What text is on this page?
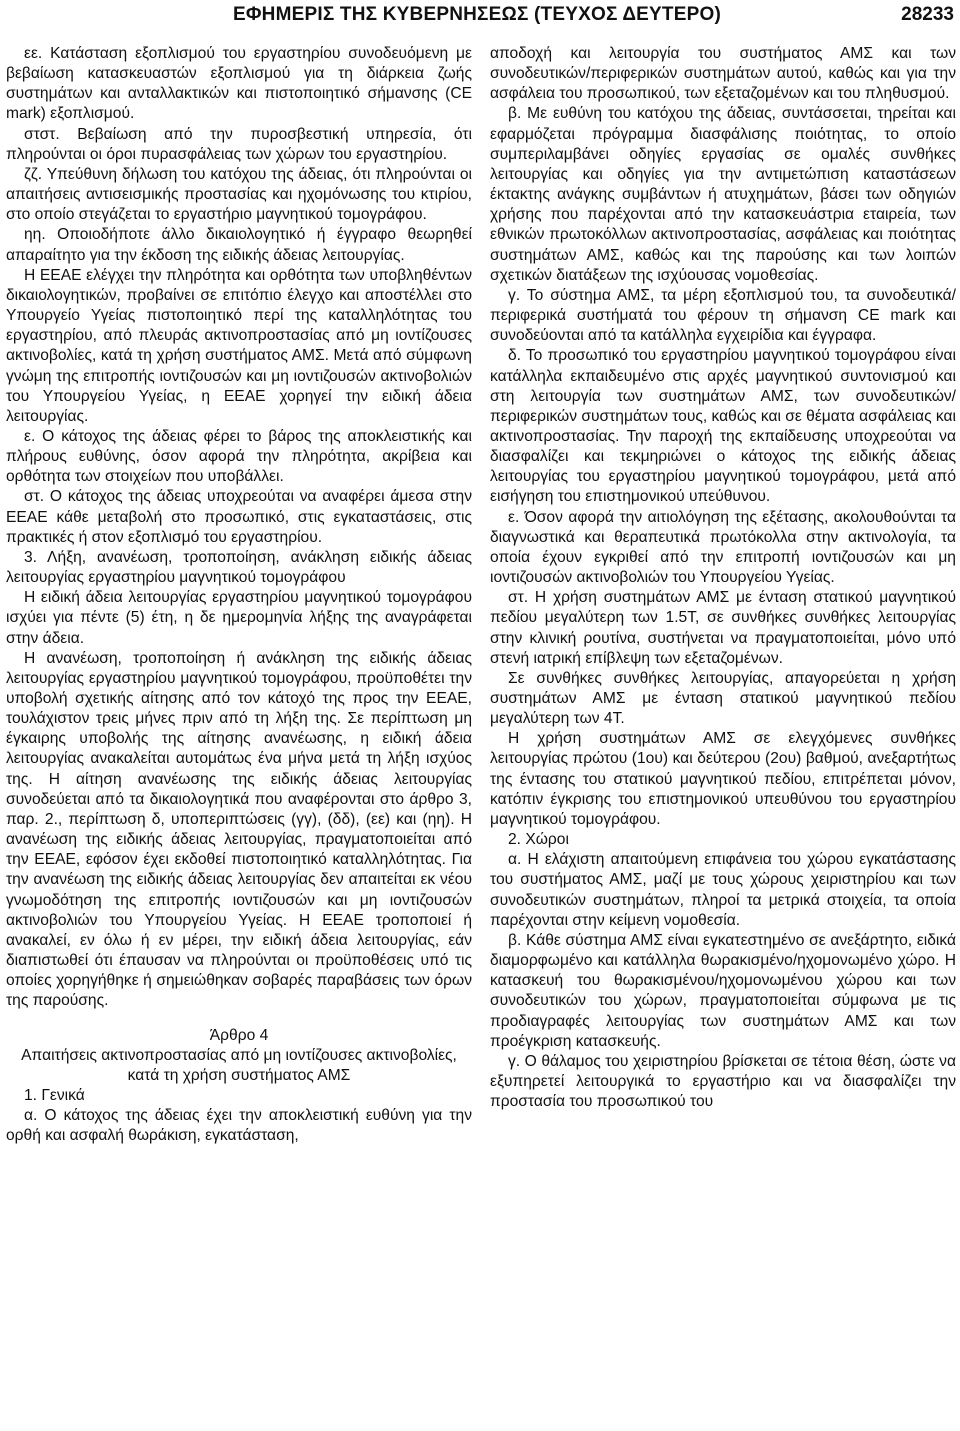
ΕΦΗΜΕΡΙΣ ΤΗΣ ΚΥΒΕΡΝΗΣΕΩΣ (ΤΕΥΧΟΣ ΔΕΥΤΕΡΟ)	28233

εε. Κατάσταση εξοπλισμού του εργαστηρίου συνοδευόμενη με βεβαίωση κατασκευαστών εξοπλισμού για τη διάρκεια ζωής συστημάτων και ανταλλακτικών και πιστοποιητικό σήμανσης (CE mark) εξοπλισμού.

στστ. Βεβαίωση από την πυροσβεστική υπηρεσία, ότι πληρούνται οι όροι πυρασφάλειας των χώρων του εργαστηρίου.

ζζ. Υπεύθυνη δήλωση του κατόχου της άδειας, ότι πληρούνται οι απαιτήσεις αντισεισμικής προστασίας και ηχομόνωσης του κτιρίου, στο οποίο στεγάζεται το εργαστήριο μαγνητικού τομογράφου.

ηη. Οποιοδήποτε άλλο δικαιολογητικό ή έγγραφο θεωρηθεί απαραίτητο για την έκδοση της ειδικής άδειας λειτουργίας.

Η ΕΕΑΕ ελέγχει την πληρότητα και ορθότητα των υποβληθέντων δικαιολογητικών, προβαίνει σε επιτόπιο έλεγχο και αποστέλλει στο Υπουργείο Υγείας πιστοποιητικό περί της καταλληλότητας του εργαστηρίου, από πλευράς ακτινοπροστασίας από μη ιοντίζουσες ακτινοβολίες, κατά τη χρήση συστήματος ΑΜΣ. Μετά από σύμφωνη γνώμη της επιτροπής ιοντιζουσών και μη ιοντιζουσών ακτινοβολιών του Υπουργείου Υγείας, η ΕΕΑΕ χορηγεί την ειδική άδεια λειτουργίας.

ε. Ο κάτοχος της άδειας φέρει το βάρος της αποκλειστικής και πλήρους ευθύνης, όσον αφορά την πληρότητα, ακρίβεια και ορθότητα των στοιχείων που υποβάλλει.

στ. Ο κάτοχος της άδειας υποχρεούται να αναφέρει άμεσα στην ΕΕΑΕ κάθε μεταβολή στο προσωπικό, στις εγκαταστάσεις, στις πρακτικές ή στον εξοπλισμό του εργαστηρίου.

3. Λήξη, ανανέωση, τροποποίηση, ανάκληση ειδικής άδειας λειτουργίας εργαστηρίου μαγνητικού τομογράφου

Η ειδική άδεια λειτουργίας εργαστηρίου μαγνητικού τομογράφου ισχύει για πέντε (5) έτη, η δε ημερομηνία λήξης της αναγράφεται στην άδεια.

Η ανανέωση, τροποποίηση ή ανάκληση της ειδικής άδειας λειτουργίας εργαστηρίου μαγνητικού τομογράφου, προϋποθέτει την υποβολή σχετικής αίτησης από τον κάτοχό της προς την ΕΕΑΕ, τουλάχιστον τρεις μήνες πριν από τη λήξη της. Σε περίπτωση μη έγκαιρης υποβολής της αίτησης ανανέωσης, η ειδική άδεια λειτουργίας ανακαλείται αυτομάτως ένα μήνα μετά τη λήξη ισχύος της. Η αίτηση ανανέωσης της ειδικής άδειας λειτουργίας συνοδεύεται από τα δικαιολογητικά που αναφέρονται στο άρθρο 3, παρ. 2., περίπτωση δ, υποπεριπτώσεις (γγ), (δδ), (εε) και (ηη). Η ανανέωση της ειδικής άδειας λειτουργίας, πραγματοποιείται από την ΕΕΑΕ, εφόσον έχει εκδοθεί πιστοποιητικό καταλληλότητας. Για την ανανέωση της ειδικής άδειας λειτουργίας δεν απαιτείται εκ νέου γνωμοδότηση της επιτροπής ιοντιζουσών και μη ιοντιζουσών ακτινοβολιών του Υπουργείου Υγείας. Η ΕΕΑΕ τροποποιεί ή ανακαλεί, εν όλω ή εν μέρει, την ειδική άδεια λειτουργίας, εάν διαπιστωθεί ότι έπαυσαν να πληρούνται οι προϋποθέσεις υπό τις οποίες χορηγήθηκε ή σημειώθηκαν σοβαρές παραβάσεις των όρων της παρούσης.

Άρθρο 4

Απαιτήσεις ακτινοπροστασίας από μη ιοντίζουσες ακτινοβολίες, κατά τη χρήση συστήματος ΑΜΣ

1. Γενικά

α. Ο κάτοχος της άδειας έχει την αποκλειστική ευθύνη για την ορθή και ασφαλή θωράκιση, εγκατάσταση,

αποδοχή και λειτουργία του συστήματος ΑΜΣ και των συνοδευτικών/περιφερικών συστημάτων αυτού, καθώς και για την ασφάλεια του προσωπικού, των εξεταζομένων και του πληθυσμού.

β. Με ευθύνη του κατόχου της άδειας, συντάσσεται, τηρείται και εφαρμόζεται πρόγραμμα διασφάλισης ποιότητας, το οποίο συμπεριλαμβάνει οδηγίες εργασίας σε ομαλές συνθήκες λειτουργίας και οδηγίες για την αντιμετώπιση καταστάσεων έκτακτης ανάγκης συμβάντων ή ατυχημάτων, βάσει των οδηγιών χρήσης που παρέχονται από την κατασκευάστρια εταιρεία, των εθνικών πρωτοκόλλων ακτινοπροστασίας, ασφάλειας και ποιότητας συστημάτων ΑΜΣ, καθώς και της παρούσης και των λοιπών σχετικών διατάξεων της ισχύουσας νομοθεσίας.

γ. Το σύστημα ΑΜΣ, τα μέρη εξοπλισμού του, τα συνοδευτικά/περιφερικά συστήματά του φέρουν τη σήμανση CE mark και συνοδεύονται από τα κατάλληλα εγχειρίδια και έγγραφα.

δ. Το προσωπικό του εργαστηρίου μαγνητικού τομογράφου είναι κατάλληλα εκπαιδευμένο στις αρχές μαγνητικού συντονισμού και στη λειτουργία των συστημάτων ΑΜΣ, των συνοδευτικών/περιφερικών συστημάτων τους, καθώς και σε θέματα ασφάλειας και ακτινοπροστασίας. Την παροχή της εκπαίδευσης υποχρεούται να διασφαλίζει και τεκμηριώνει ο κάτοχος της ειδικής άδειας λειτουργίας του εργαστηρίου μαγνητικού τομογράφου, μετά από εισήγηση του επιστημονικού υπεύθυνου.

ε. Όσον αφορά την αιτιολόγηση της εξέτασης, ακολουθούνται τα διαγνωστικά και θεραπευτικά πρωτόκολλα στην ακτινολογία, τα οποία έχουν εγκριθεί από την επιτροπή ιοντιζουσών και μη ιοντιζουσών ακτινοβολιών του Υπουργείου Υγείας.

στ. Η χρήση συστημάτων ΑΜΣ με ένταση στατικού μαγνητικού πεδίου μεγαλύτερη των 1.5Τ, σε συνθήκες συνθήκες λειτουργίας στην κλινική ρουτίνα, συστήνεται να πραγματοποιείται, μόνο υπό στενή ιατρική επίβλεψη των εξεταζομένων.

Σε συνθήκες συνθήκες λειτουργίας, απαγορεύεται η χρήση συστημάτων ΑΜΣ με ένταση στατικού μαγνητικού πεδίου μεγαλύτερη των 4Τ.

Η χρήση συστημάτων ΑΜΣ σε ελεγχόμενες συνθήκες λειτουργίας πρώτου (1ου) και δεύτερου (2ου) βαθμού, ανεξαρτήτως της έντασης του στατικού μαγνητικού πεδίου, επιτρέπεται μόνον, κατόπιν έγκρισης του επιστημονικού υπευθύνου του εργαστηρίου μαγνητικού τομογράφου.

2. Χώροι

α. Η ελάχιστη απαιτούμενη επιφάνεια του χώρου εγκατάστασης του συστήματος ΑΜΣ, μαζί με τους χώρους χειριστηρίου και των συνοδευτικών συστημάτων, πληροί τα μετρικά στοιχεία, τα οποία παρέχονται στην κείμενη νομοθεσία.

β. Κάθε σύστημα ΑΜΣ είναι εγκατεστημένο σε ανεξάρτητο, ειδικά διαμορφωμένο και κατάλληλα θωρακισμένο/ηχομονωμένο χώρο. Η κατασκευή του θωρακισμένου/ηχομονωμένου χώρου και των συνοδευτικών του χώρων, πραγματοποιείται σύμφωνα με τις προδιαγραφές λειτουργίας των συστημάτων ΑΜΣ και των προέγκριση κατασκευής.

γ. Ο θάλαμος του χειριστηρίου βρίσκεται σε τέτοια θέση, ώστε να εξυπηρετεί λειτουργικά το εργαστήριο και να διασφαλίζει την προστασία του προσωπικού του
